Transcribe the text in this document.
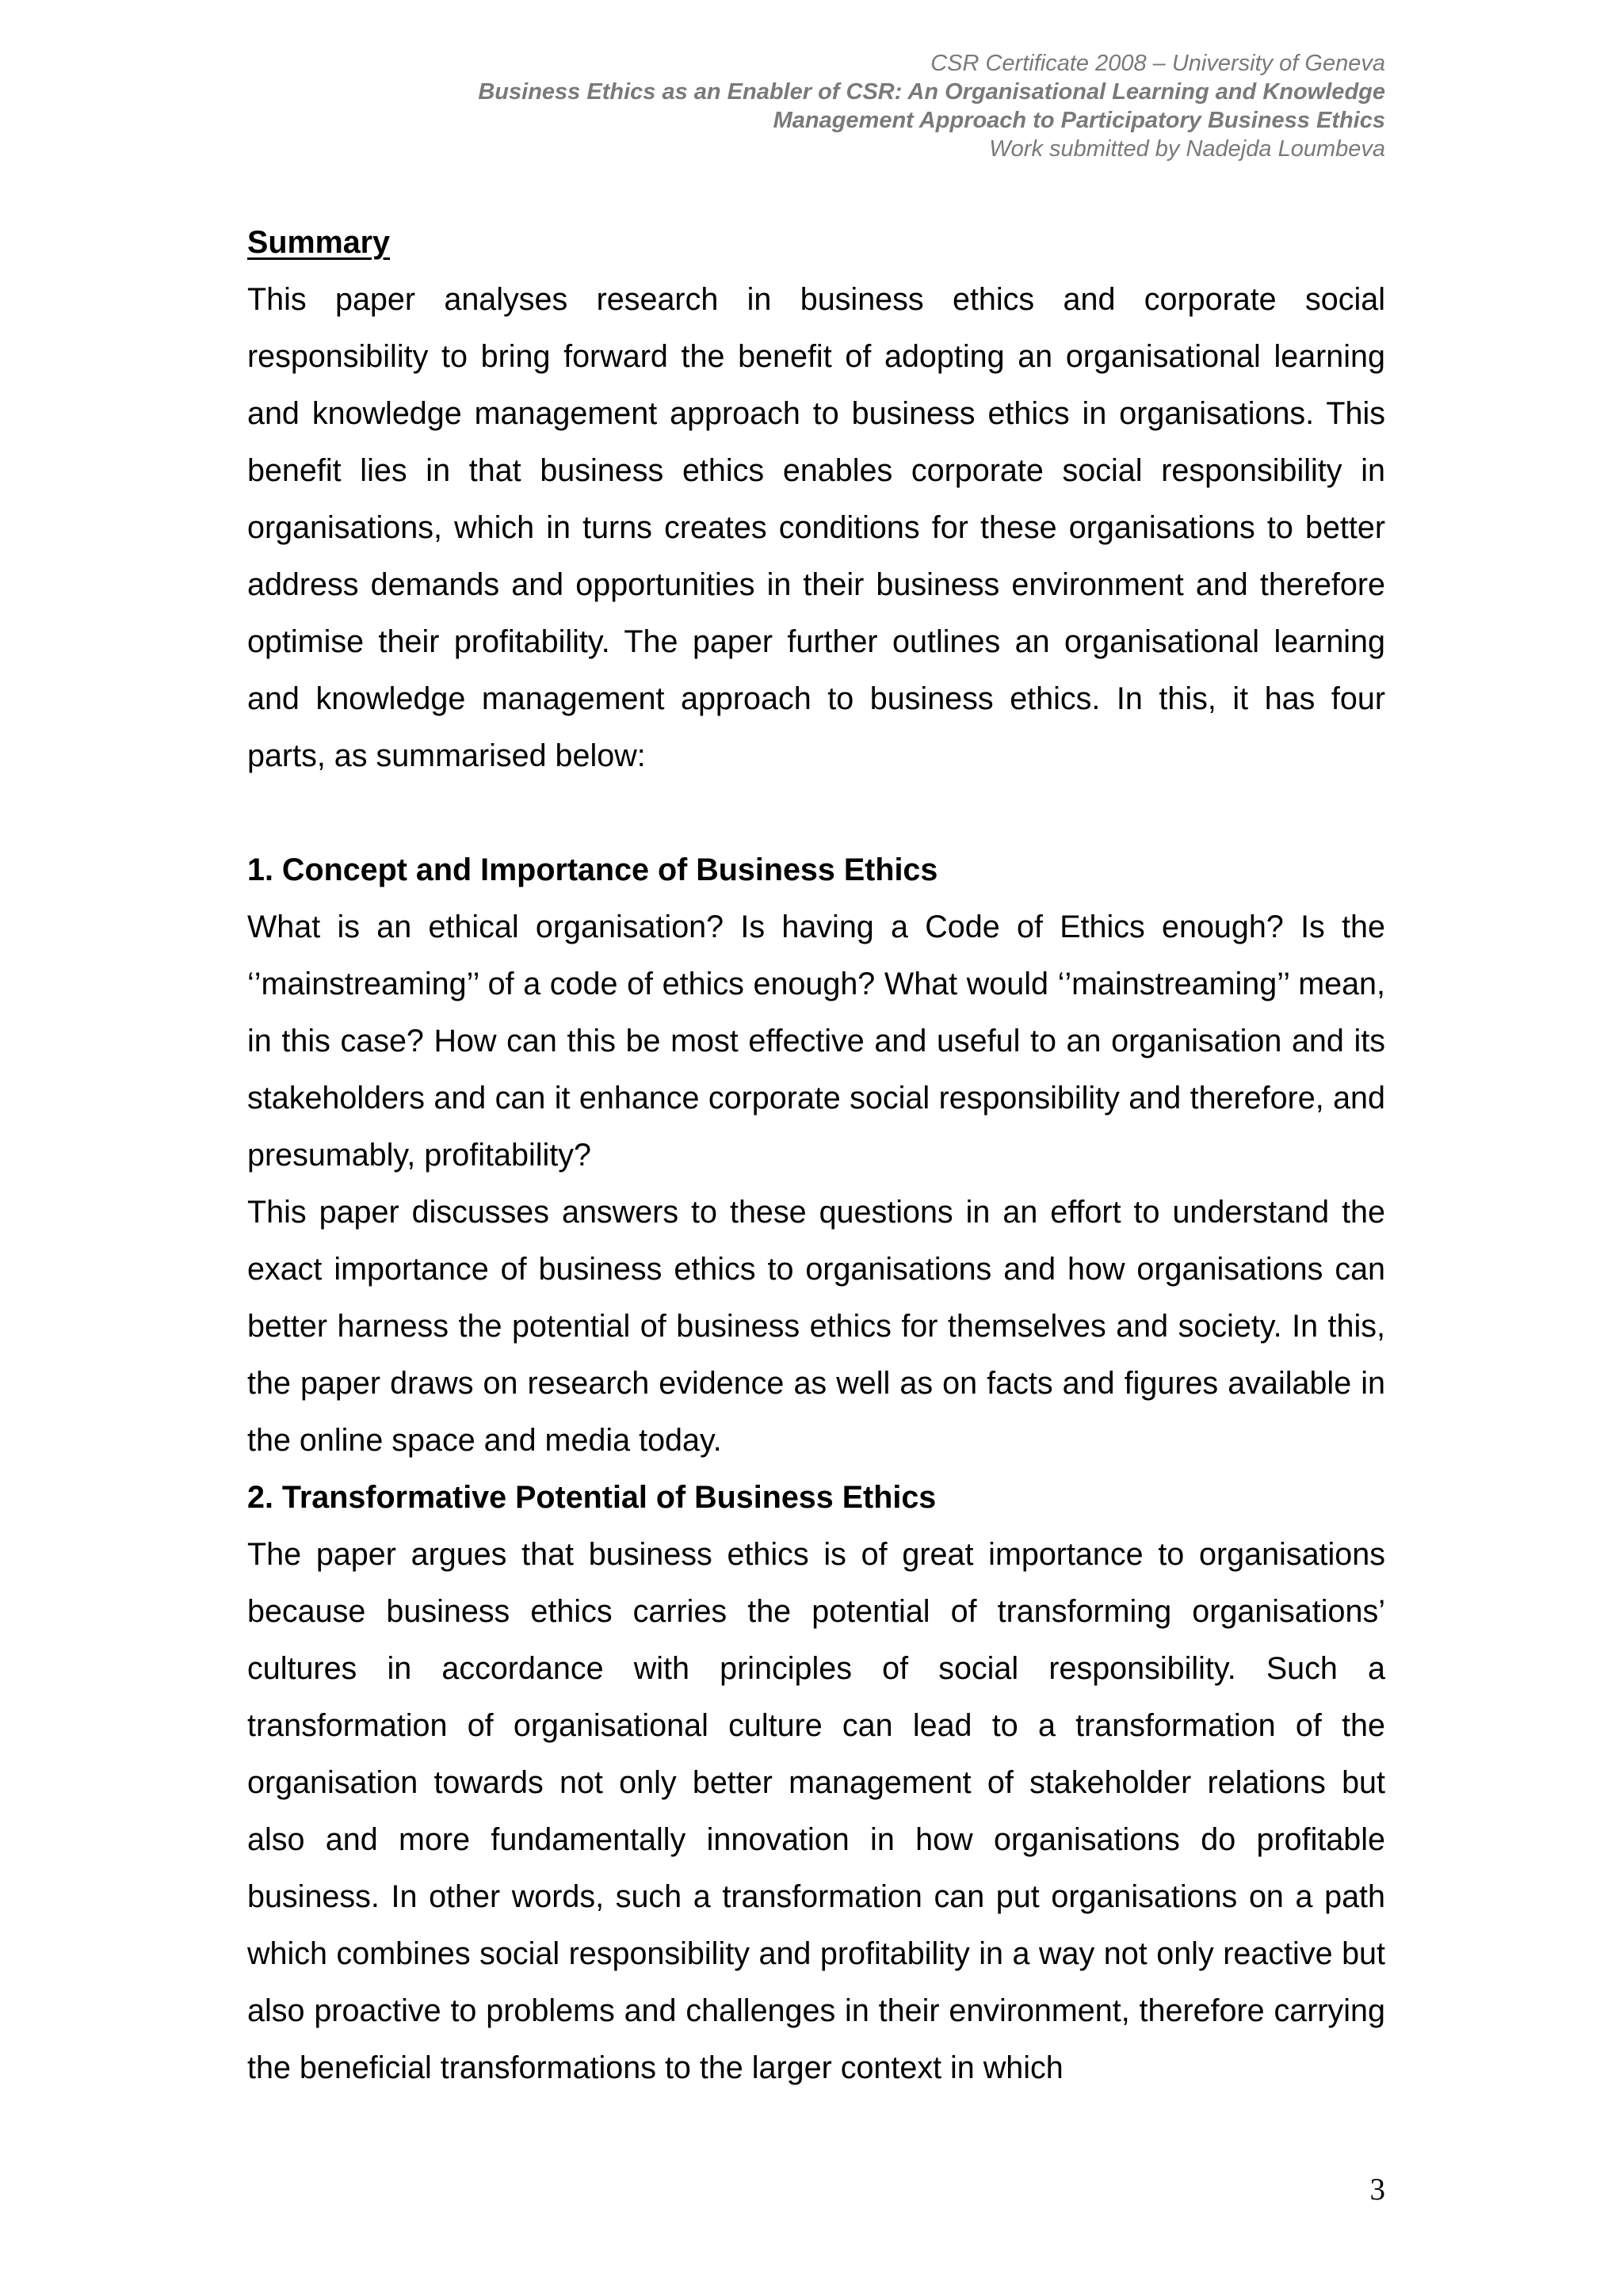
CSR Certificate 2008 – University of Geneva
Business Ethics as an Enabler of CSR: An Organisational Learning and Knowledge
Management Approach to Participatory Business Ethics
Work submitted by Nadejda Loumbeva
Summary

This paper analyses research in business ethics and corporate social responsibility to bring forward the benefit of adopting an organisational learning and knowledge management approach to business ethics in organisations. This benefit lies in that business ethics enables corporate social responsibility in organisations, which in turns creates conditions for these organisations to better address demands and opportunities in their business environment and therefore optimise their profitability. The paper further outlines an organisational learning and knowledge management approach to business ethics. In this, it has four parts, as summarised below:

1. Concept and Importance of Business Ethics

What is an ethical organisation? Is having a Code of Ethics enough? Is the ‘’mainstreaming’’ of a code of ethics enough? What would ‘’mainstreaming’’ mean, in this case? How can this be most effective and useful to an organisation and its stakeholders and can it enhance corporate social responsibility and therefore, and presumably, profitability?

This paper discusses answers to these questions in an effort to understand the exact importance of business ethics to organisations and how organisations can better harness the potential of business ethics for themselves and society. In this, the paper draws on research evidence as well as on facts and figures available in the online space and media today.

2. Transformative Potential of Business Ethics

The paper argues that business ethics is of great importance to organisations because business ethics carries the potential of transforming organisations’ cultures in accordance with principles of social responsibility. Such a transformation of organisational culture can lead to a transformation of the organisation towards not only better management of stakeholder relations but also and more fundamentally innovation in how organisations do profitable business. In other words, such a transformation can put organisations on a path which combines social responsibility and profitability in a way not only reactive but also proactive to problems and challenges in their environment, therefore carrying the beneficial transformations to the larger context in which

3
